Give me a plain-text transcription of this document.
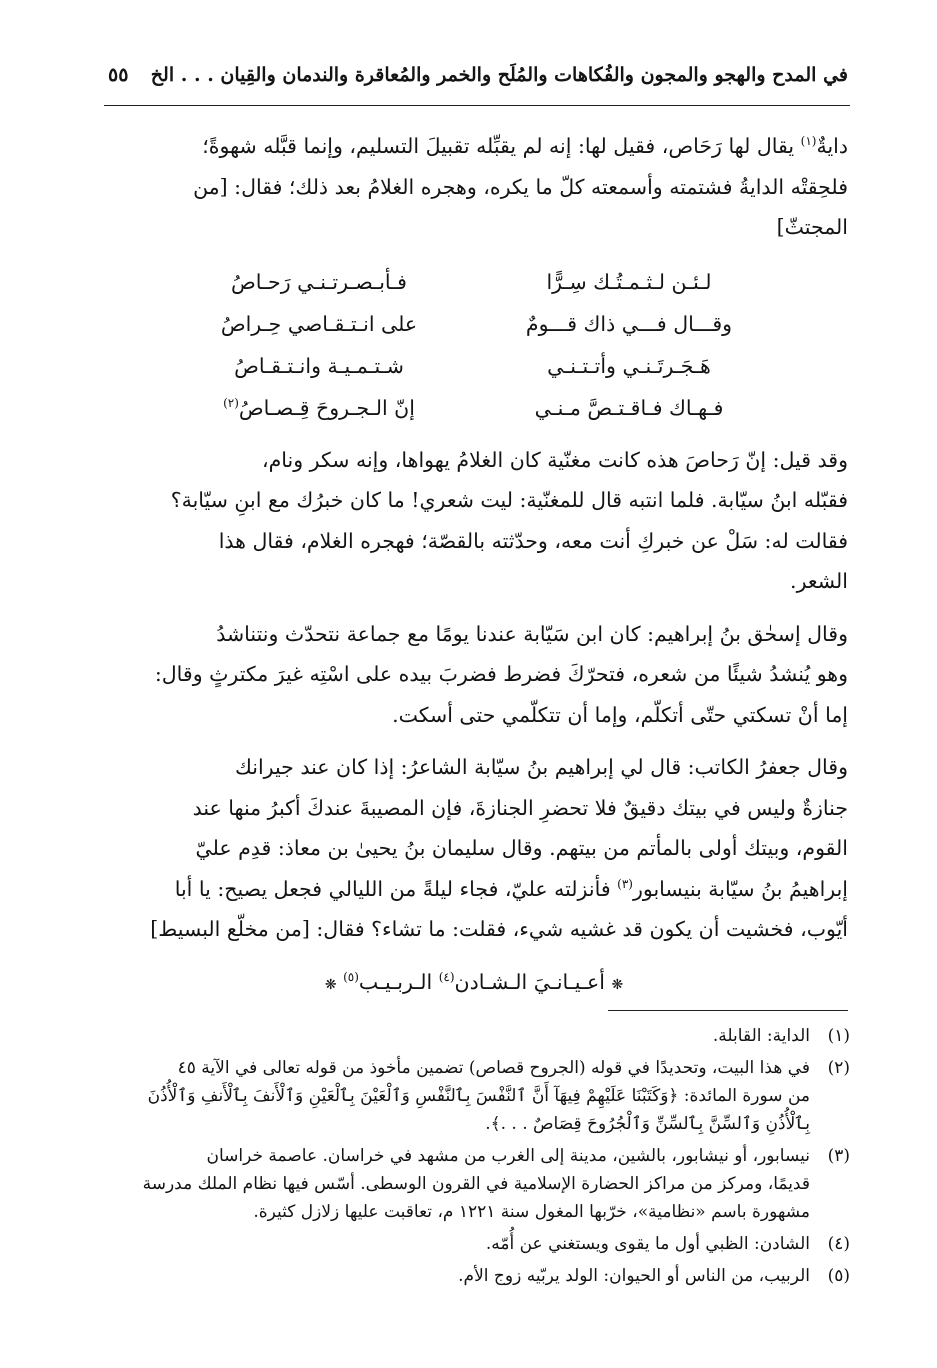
في المدح والهجو والمجون والفُكاهات والمُلَح والخمر والمُعاقرة والندمان والقِيان . . . الخ
٥٥

دايةٌ$^{(١)}$ يقال لها رَحَاص، فقيل لها: إنه لم يقبِّله تقبيلَ التسليم، وإنما قبَّله شهوةً؛

فلحِقتْه الدايةُ فشتمته وأسمعته كلّ ما يكره، وهجره الغلامُ بعد ذلك؛ فقال: [من

المجتثّ]

لـئـن لـثـمـتُـك سِـرًّا
فـأبـصـرتـنـي رَحـاصُ
وقـــال فـــي ذاك قـــومٌ
على انـتـقـاصي حِـراصُ
هَـجَـرتَـنـي وأتـتـنـي
شـتـمـيـة وانـتـقـاصُ
فـهـاك فـاقـتـصَّ مـنـي
إنّ الـجـروحَ قِـصـاصُ$^{(٢)}$

وقد قيل: إنّ رَحاصَ هذه كانت مغنّية كان الغلامُ يهواها، وإنه سكر ونام،

فقبّله ابنُ سيّابة. فلما انتبه قال للمغنّية: ليت شعري! ما كان خبرُك مع ابنِ سيّابة؟

فقالت له: سَلْ عن خبركِ أنت معه، وحدّثته بالقصّة؛ فهجره الغلام، فقال هذا

الشعر.

وقال إسحٰق بنُ إبراهيم: كان ابن سَيّابة عندنا يومًا مع جماعة نتحدّث ونتناشدُ

وهو يُنشدُ شيئًا من شعره، فتحرّكَ فضرط فضربَ بيده على اسْتِه غيرَ مكترثٍ وقال:

إما أنْ تسكتي حتّى أتكلّم، وإما أن تتكلّمي حتى أسكت.

وقال جعفرُ الكاتب: قال لي إبراهيم بنُ سيّابة الشاعرُ: إذا كان عند جيرانك

جنازةٌ وليس في بيتك دقيقٌ فلا تحضرِ الجنازةَ، فإن المصيبةَ عندكَ أكبرُ منها عند

القوم، وبيتك أولى بالمأتم من بيتهم. وقال سليمان بنُ يحيىٰ بن معاذ: قدِم عليّ

إبراهيمُ بنُ سيّابة بنيسابور$^{(٣)}$ فأنزلته عليّ، فجاء ليلةً من الليالي فجعل يصيح: يا أبا

أيّوب، فخشيت أن يكون قد غشيه شيء، فقلت: ما تشاء؟ فقال: [من مخلّع البسيط]

❋ أعـيـانـيَ الـشـادن$^{(٤)}$ الـربـيـب$^{(٥)}$ ❋
(١)
الداية: القابلة.
(٢)
في هذا البيت، وتحديدًا في قوله (الجروح قصاص) تضمين مأخوذ من قوله تعالى في الآية ٤٥
من سورة المائدة: ﴿وَكَتَبْنَا عَلَيْهِمْ فِيهَآ أَنَّ ٱلنَّفْسَ بِٱلنَّفْسِ وَٱلْعَيْنَ بِٱلْعَيْنِ وَٱلْأَنفَ بِٱلْأَنفِ وَٱلْأُذُنَ
بِٱلْأُذُنِ وَٱلسِّنَّ بِٱلسِّنِّ وَٱلْجُرُوحَ قِصَاصٌ . . .﴾.
(٣)
نيسابور، أو نيشابور، بالشين، مدينة إلى الغرب من مشهد في خراسان. عاصمة خراسان
قديمًا، ومركز من مراكز الحضارة الإسلامية في القرون الوسطى. أسّس فيها نظام الملك مدرسة
مشهورة باسم «نظامية»، خرّبها المغول سنة ١٢٢١ م، تعاقبت عليها زلازل كثيرة.
(٤)
الشادن: الظبي أول ما يقوى ويستغني عن أُمّه.
(٥)
الربيب، من الناس أو الحيوان: الولد يربّيه زوج الأم.
